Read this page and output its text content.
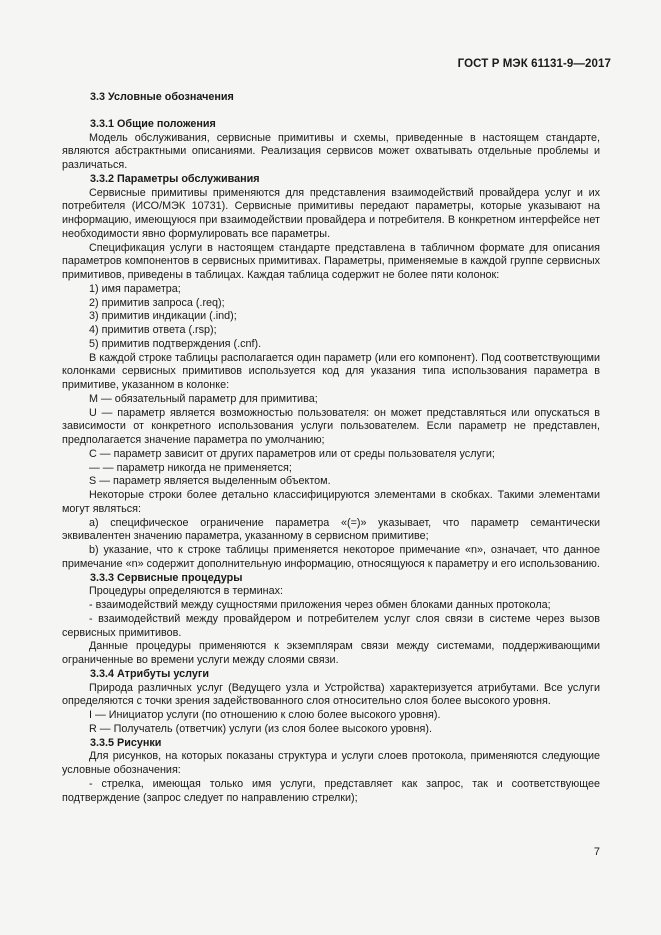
ГОСТ Р МЭК 61131-9—2017

3.3 Условные обозначения

3.3.1 Общие положения

Модель обслуживания, сервисные примитивы и схемы, приведенные в настоящем стандарте, являются абстрактными описаниями. Реализация сервисов может охватывать отдельные проблемы и различаться.

3.3.2 Параметры обслуживания

Сервисные примитивы применяются для представления взаимодействий провайдера услуг и их потребителя (ИСО/МЭК 10731). Сервисные примитивы передают параметры, которые указывают на информацию, имеющуюся при взаимодействии провайдера и потребителя. В конкретном интерфейсе нет необходимости явно формулировать все параметры.

Спецификация услуги в настоящем стандарте представлена в табличном формате для описания параметров компонентов в сервисных примитивах. Параметры, применяемые в каждой группе сервисных примитивов, приведены в таблицах. Каждая таблица содержит не более пяти колонок:

1) имя параметра;

2) примитив запроса (.req);

3) примитив индикации (.ind);

4) примитив ответа (.rsp);

5) примитив подтверждения (.cnf).

В каждой строке таблицы располагается один параметр (или его компонент). Под соответствующими колонками сервисных примитивов используется код для указания типа использования параметра в примитиве, указанном в колонке:

М — обязательный параметр для примитива;

U — параметр является возможностью пользователя: он может представляться или опускаться в зависимости от конкретного использования услуги пользователем. Если параметр не представлен, предполагается значение параметра по умолчанию;

С — параметр зависит от других параметров или от среды пользователя услуги;

— — параметр никогда не применяется;

S — параметр является выделенным объектом.

Некоторые строки более детально классифицируются элементами в скобках. Такими элементами могут являться:

а) специфическое ограничение параметра «(=)» указывает, что параметр семантически эквивалентен значению параметра, указанному в сервисном примитиве;

b) указание, что к строке таблицы применяется некоторое примечание «n», означает, что данное примечание «n» содержит дополнительную информацию, относящуюся к параметру и его использованию.

3.3.3 Сервисные процедуры

Процедуры определяются в терминах:

- взаимодействий между сущностями приложения через обмен блоками данных протокола;

- взаимодействий между провайдером и потребителем услуг слоя связи в системе через вызов сервисных примитивов.

Данные процедуры применяются к экземплярам связи между системами, поддерживающими ограниченные во времени услуги между слоями связи.

3.3.4 Атрибуты услуги

Природа различных услуг (Ведущего узла и Устройства) характеризуется атрибутами. Все услуги определяются с точки зрения задействованного слоя относительно слоя более высокого уровня.

I — Инициатор услуги (по отношению к слою более высокого уровня).

R — Получатель (ответчик) услуги (из слоя более высокого уровня).

3.3.5 Рисунки

Для рисунков, на которых показаны структура и услуги слоев протокола, применяются следующие условные обозначения:

- стрелка, имеющая только имя услуги, представляет как запрос, так и соответствующее подтверждение (запрос следует по направлению стрелки);

7
